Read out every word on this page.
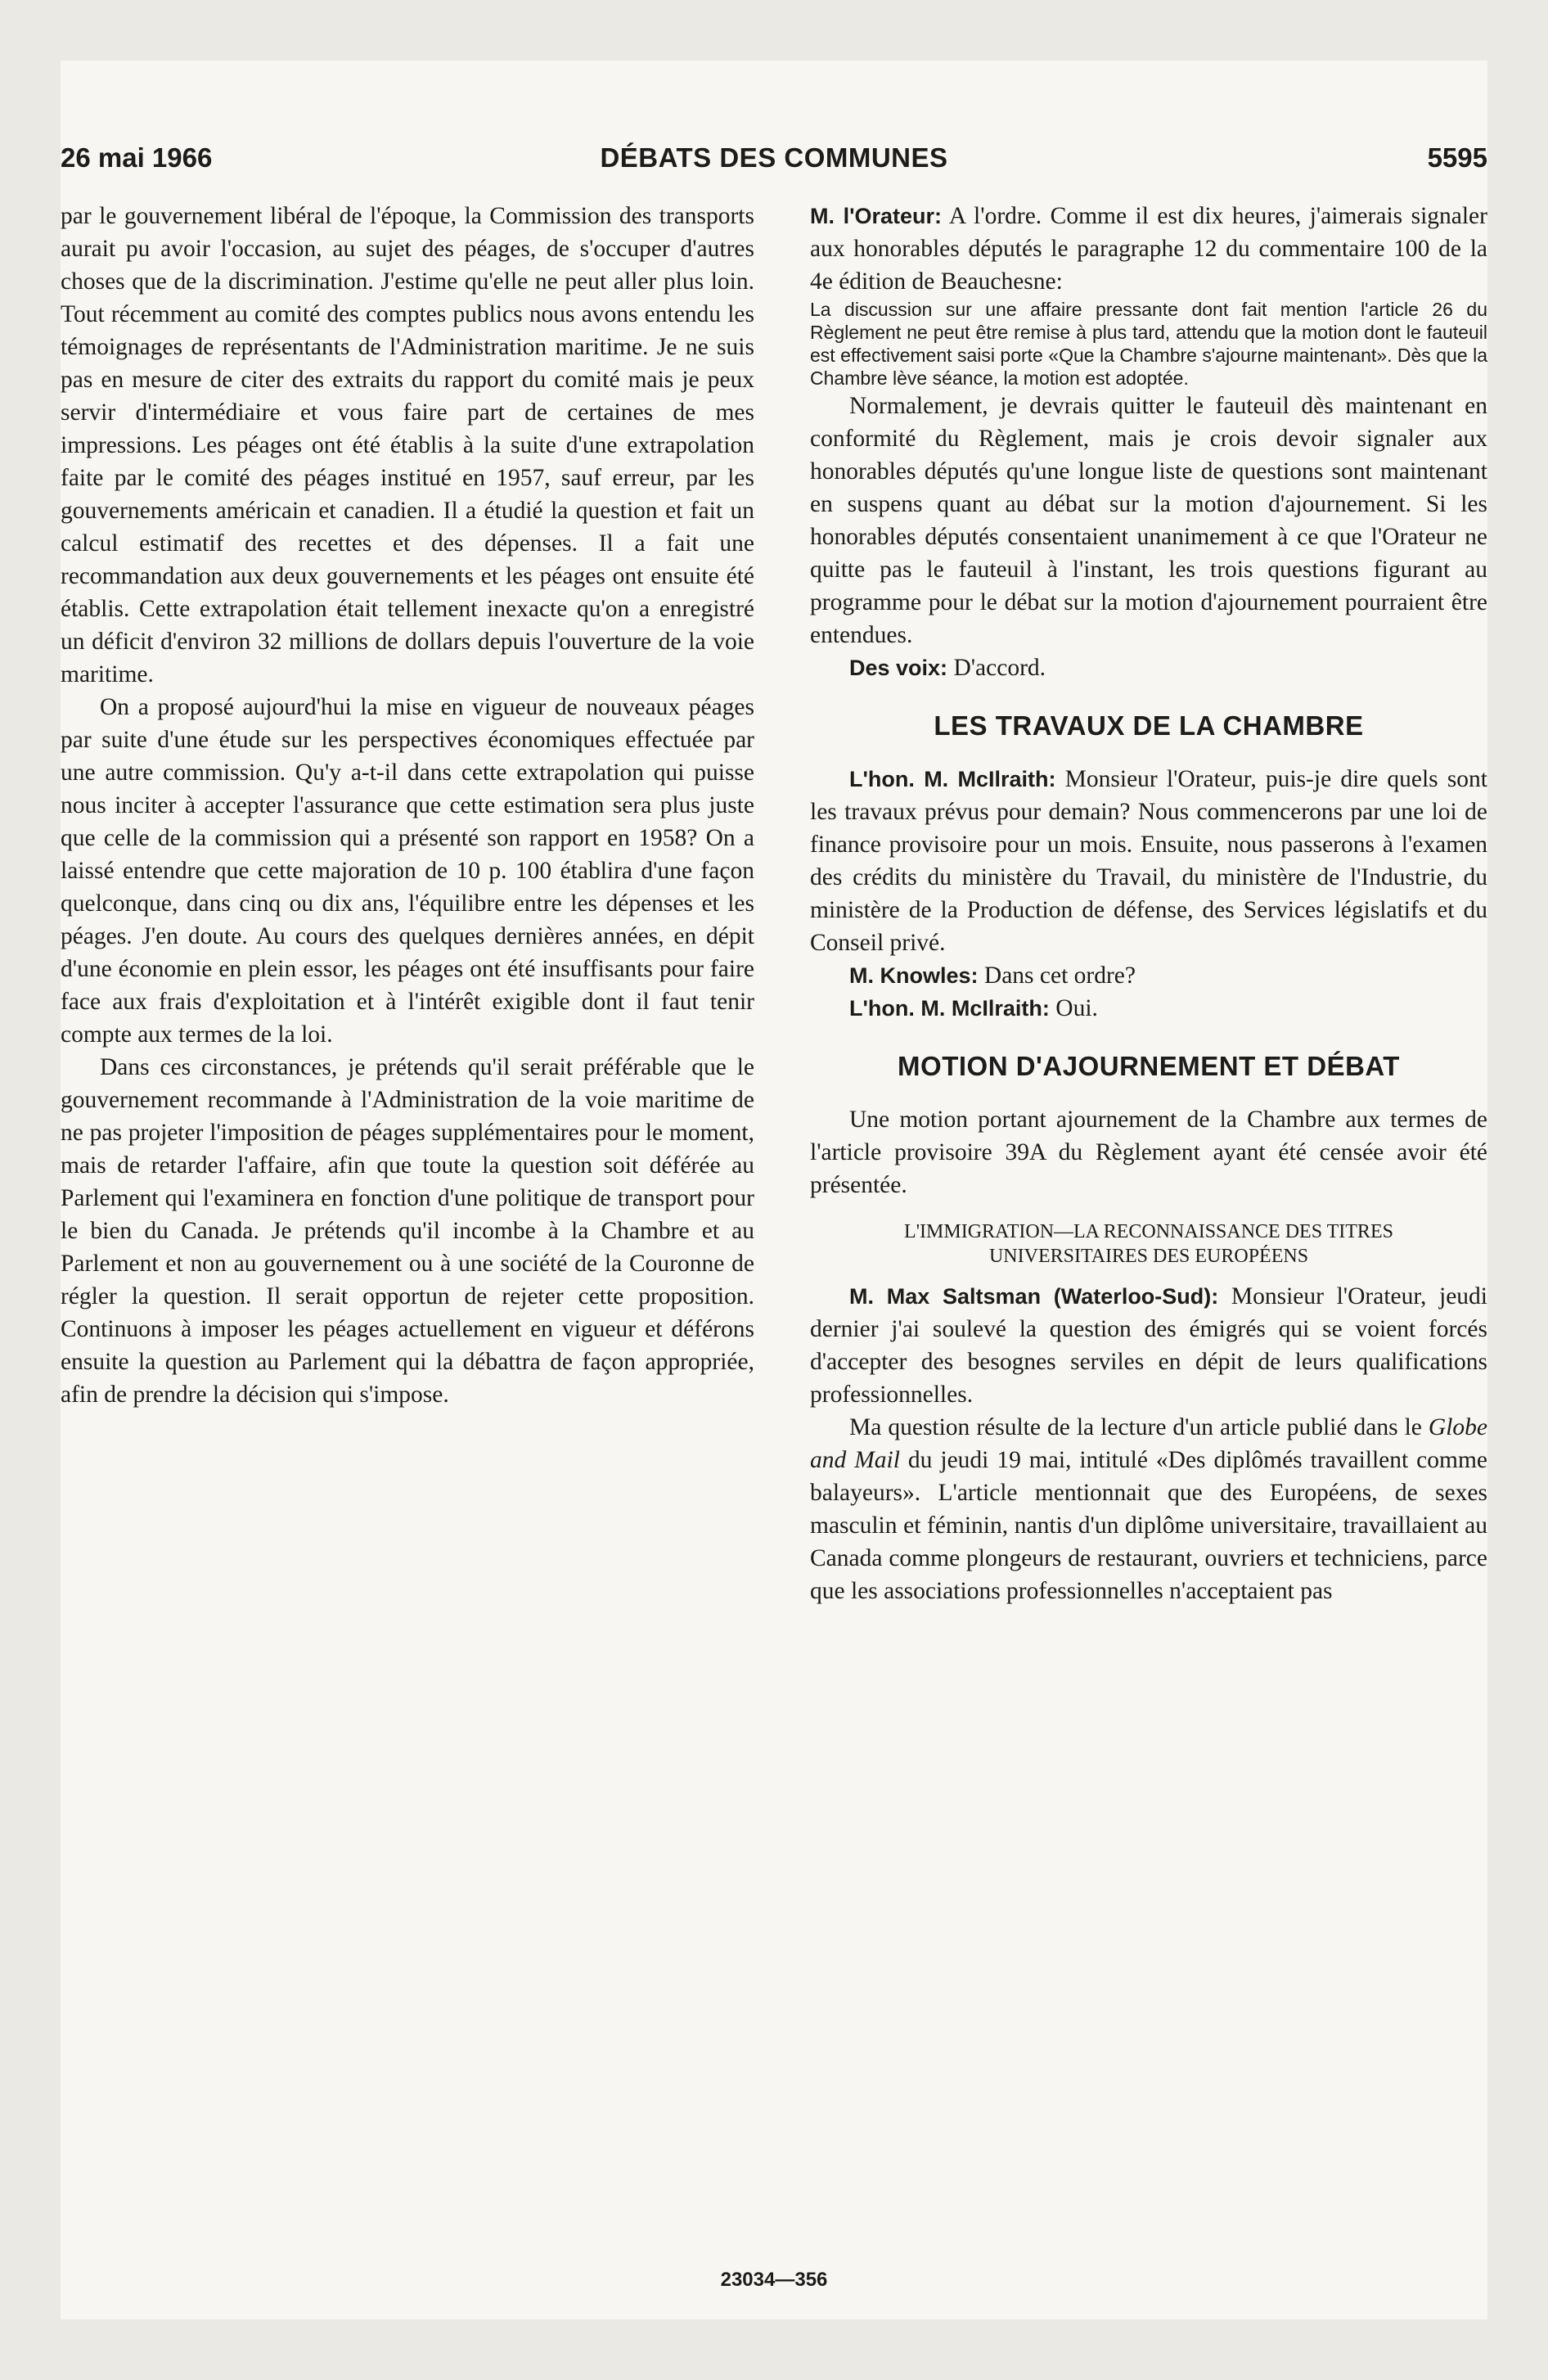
26 mai 1966	DÉBATS DES COMMUNES	5595

par le gouvernement libéral de l'époque, la Commission des transports aurait pu avoir l'occasion, au sujet des péages, de s'occuper d'autres choses que de la discrimination. J'estime qu'elle ne peut aller plus loin. Tout récemment au comité des comptes publics nous avons entendu les témoignages de représentants de l'Administration maritime. Je ne suis pas en mesure de citer des extraits du rapport du comité mais je peux servir d'intermédiaire et vous faire part de certaines de mes impressions. Les péages ont été établis à la suite d'une extrapolation faite par le comité des péages institué en 1957, sauf erreur, par les gouvernements américain et canadien. Il a étudié la question et fait un calcul estimatif des recettes et des dépenses. Il a fait une recommandation aux deux gouvernements et les péages ont ensuite été établis. Cette extrapolation était tellement inexacte qu'on a enregistré un déficit d'environ 32 millions de dollars depuis l'ouverture de la voie maritime.

On a proposé aujourd'hui la mise en vigueur de nouveaux péages par suite d'une étude sur les perspectives économiques effectuée par une autre commission. Qu'y a-t-il dans cette extrapolation qui puisse nous inciter à accepter l'assurance que cette estimation sera plus juste que celle de la commission qui a présenté son rapport en 1958? On a laissé entendre que cette majoration de 10 p. 100 établira d'une façon quelconque, dans cinq ou dix ans, l'équilibre entre les dépenses et les péages. J'en doute. Au cours des quelques dernières années, en dépit d'une économie en plein essor, les péages ont été insuffisants pour faire face aux frais d'exploitation et à l'intérêt exigible dont il faut tenir compte aux termes de la loi.

Dans ces circonstances, je prétends qu'il serait préférable que le gouvernement recommande à l'Administration de la voie maritime de ne pas projeter l'imposition de péages supplémentaires pour le moment, mais de retarder l'affaire, afin que toute la question soit déférée au Parlement qui l'examinera en fonction d'une politique de transport pour le bien du Canada. Je prétends qu'il incombe à la Chambre et au Parlement et non au gouvernement ou à une société de la Couronne de régler la question. Il serait opportun de rejeter cette proposition. Continuons à imposer les péages actuellement en vigueur et déférons ensuite la question au Parlement qui la débattra de façon appropriée, afin de prendre la décision qui s'impose.

M. l'Orateur: A l'ordre. Comme il est dix heures, j'aimerais signaler aux honorables députés le paragraphe 12 du commentaire 100 de la 4e édition de Beauchesne:

La discussion sur une affaire pressante dont fait mention l'article 26 du Règlement ne peut être remise à plus tard, attendu que la motion dont le fauteuil est effectivement saisi porte «Que la Chambre s'ajourne maintenant». Dès que la Chambre lève séance, la motion est adoptée.

Normalement, je devrais quitter le fauteuil dès maintenant en conformité du Règlement, mais je crois devoir signaler aux honorables députés qu'une longue liste de questions sont maintenant en suspens quant au débat sur la motion d'ajournement. Si les honorables députés consentaient unanimement à ce que l'Orateur ne quitte pas le fauteuil à l'instant, les trois questions figurant au programme pour le débat sur la motion d'ajournement pourraient être entendues.

Des voix: D'accord.

LES TRAVAUX DE LA CHAMBRE

L'hon. M. McIlraith: Monsieur l'Orateur, puis-je dire quels sont les travaux prévus pour demain? Nous commencerons par une loi de finance provisoire pour un mois. Ensuite, nous passerons à l'examen des crédits du ministère du Travail, du ministère de l'Industrie, du ministère de la Production de défense, des Services législatifs et du Conseil privé.

M. Knowles: Dans cet ordre?

L'hon. M. McIlraith: Oui.

MOTION D'AJOURNEMENT ET DÉBAT

Une motion portant ajournement de la Chambre aux termes de l'article provisoire 39A du Règlement ayant été censée avoir été présentée.

L'IMMIGRATION—LA RECONNAISSANCE DES TITRES UNIVERSITAIRES DES EUROPÉENS

M. Max Saltsman (Waterloo-Sud): Monsieur l'Orateur, jeudi dernier j'ai soulevé la question des émigrés qui se voient forcés d'accepter des besognes serviles en dépit de leurs qualifications professionnelles.

Ma question résulte de la lecture d'un article publié dans le Globe and Mail du jeudi 19 mai, intitulé «Des diplômés travaillent comme balayeurs». L'article mentionnait que des Européens, de sexes masculin et féminin, nantis d'un diplôme universitaire, travaillaient au Canada comme plongeurs de restaurant, ouvriers et techniciens, parce que les associations professionnelles n'acceptaient pas

23034—356
